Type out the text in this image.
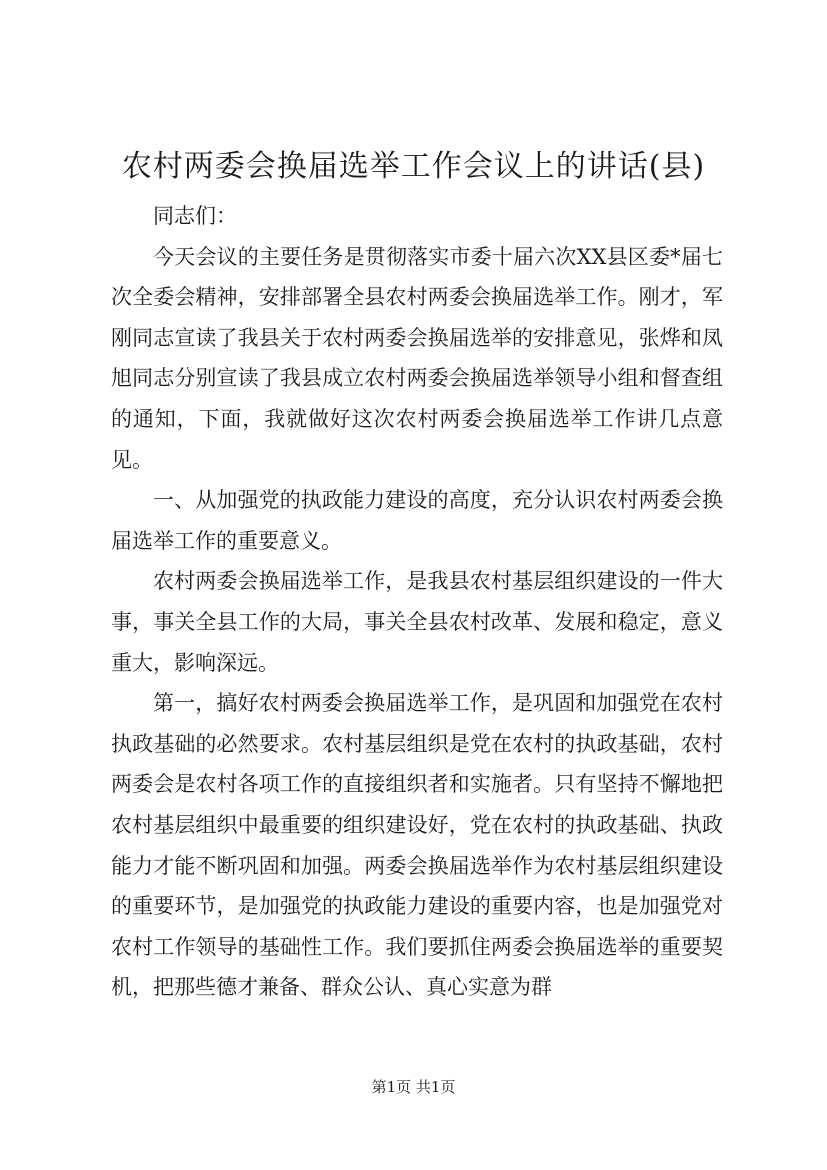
农村两委会换届选举工作会议上的讲话(县)

同志们：

今天会议的主要任务是贯彻落实市委十届六次XX县区委*届七次全委会精神，安排部署全县农村两委会换届选举工作。刚才，军刚同志宣读了我县关于农村两委会换届选举的安排意见，张烨和凤旭同志分别宣读了我县成立农村两委会换届选举领导小组和督查组的通知，下面，我就做好这次农村两委会换届选举工作讲几点意见。

一、从加强党的执政能力建设的高度，充分认识农村两委会换届选举工作的重要意义。

农村两委会换届选举工作，是我县农村基层组织建设的一件大事，事关全县工作的大局，事关全县农村改革、发展和稳定，意义重大，影响深远。

第一，搞好农村两委会换届选举工作，是巩固和加强党在农村执政基础的必然要求。农村基层组织是党在农村的执政基础，农村两委会是农村各项工作的直接组织者和实施者。只有坚持不懈地把农村基层组织中最重要的组织建设好，党在农村的执政基础、执政能力才能不断巩固和加强。两委会换届选举作为农村基层组织建设的重要环节，是加强党的执政能力建设的重要内容，也是加强党对农村工作领导的基础性工作。我们要抓住两委会换届选举的重要契机，把那些德才兼备、群众公认、真心实意为群

第1页 共1页
